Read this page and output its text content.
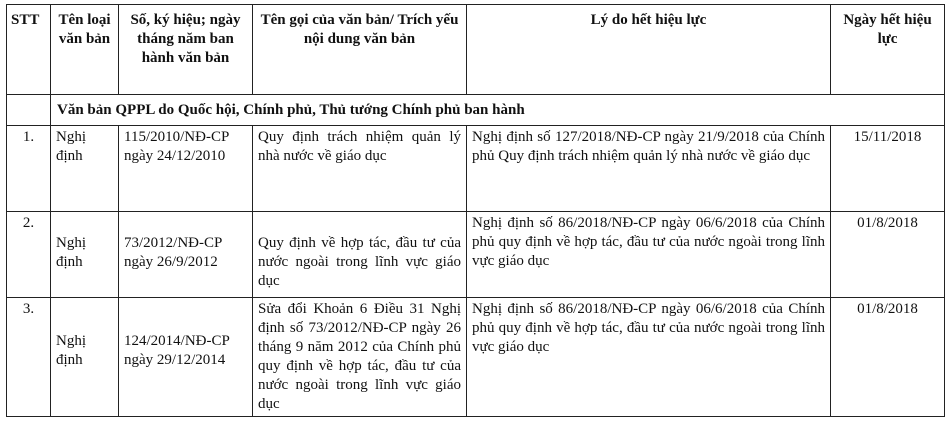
STT	Tên loại văn bản	Số, ký hiệu; ngày tháng năm ban hành văn bản	Tên gọi của văn bản/ Trích yếu nội dung văn bản	Lý do hết hiệu lực	Ngày hết hiệu lực
	Văn bản QPPL do Quốc hội, Chính phủ, Thủ tướng Chính phủ ban hành				
1.	Nghị định	115/2010/NĐ-CP ngày 24/12/2010	Quy định trách nhiệm quản lý nhà nước về giáo dục	Nghị định số 127/2018/NĐ-CP ngày 21/9/2018 của Chính phủ Quy định trách nhiệm quản lý nhà nước về giáo dục	15/11/2018
2.	Nghị định	73/2012/NĐ-CP ngày 26/9/2012	Quy định về hợp tác, đầu tư của nước ngoài trong lĩnh vực giáo dục	Nghị định số 86/2018/NĐ-CP ngày 06/6/2018 của Chính phủ quy định về hợp tác, đầu tư của nước ngoài trong lĩnh vực giáo dục	01/8/2018
3.	Nghị định	124/2014/NĐ-CP ngày 29/12/2014	Sửa đổi Khoản 6 Điều 31 Nghị định số 73/2012/NĐ-CP ngày 26 tháng 9 năm 2012 của Chính phủ quy định về hợp tác, đầu tư của nước ngoài trong lĩnh vực giáo dục	Nghị định số 86/2018/NĐ-CP ngày 06/6/2018 của Chính phủ quy định về hợp tác, đầu tư của nước ngoài trong lĩnh vực giáo dục	01/8/2018
